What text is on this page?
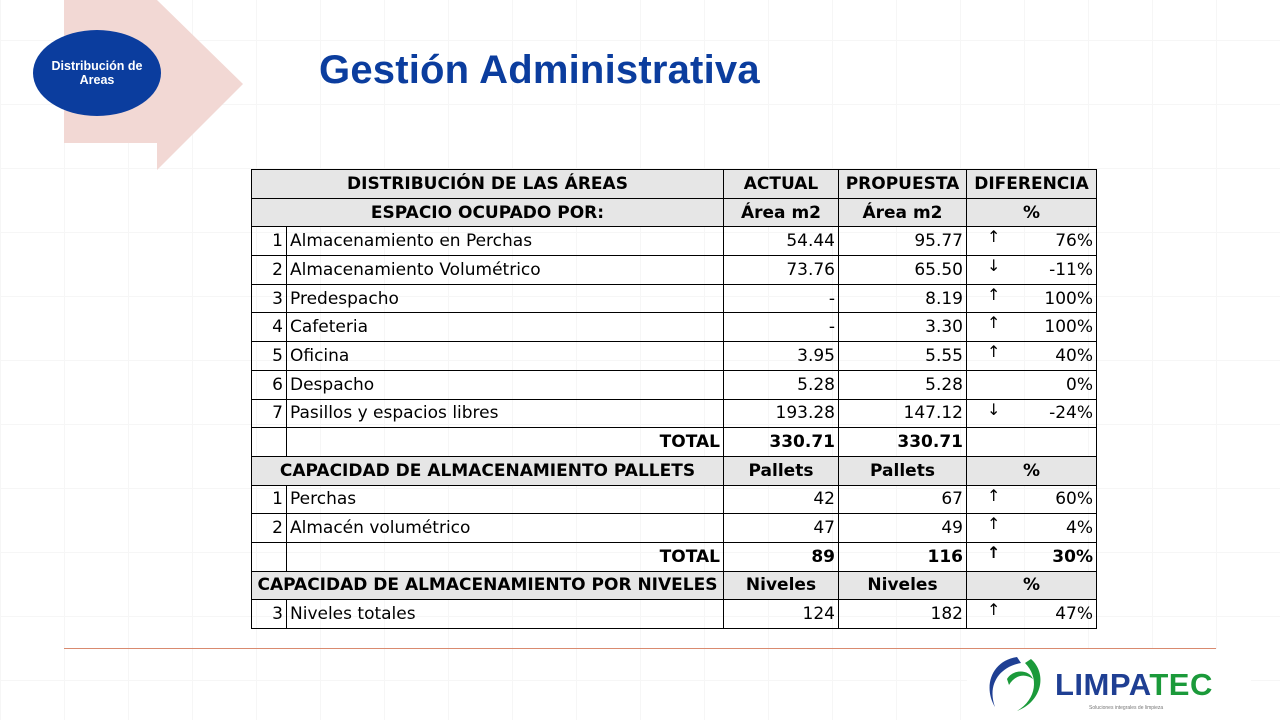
Distribución de Areas	Gestión Administrativa
DISTRIBUCIÓN DE LAS ÁREAS		ACTUAL	PROPUESTA	DIFERENCIA
ESPACIO OCUPADO POR:		Área m2	Área m2	%
1	Almacenamiento en Perchas	54.44	95.77	↑ 76%
2	Almacenamiento Volumétrico	73.76	65.50	↓ -11%
3	Predespacho	-	8.19	↑ 100%
4	Cafeteria	-	3.30	↑ 100%
5	Oficina	3.95	5.55	↑ 40%
6	Despacho	5.28	5.28	0%
7	Pasillos y espacios libres	193.28	147.12	↓ -24%
	TOTAL	330.71	330.71	
CAPACIDAD DE ALMACENAMIENTO PALLETS		Pallets	Pallets	%
1	Perchas	42	67	↑ 60%
2	Almacén volumétrico	47	49	↑ 4%
	TOTAL	89	116	↑ 30%
CAPACIDAD DE ALMACENAMIENTO POR NIVELES		Niveles	Niveles	%
3	Niveles totales	124	182	↑ 47%
LIMPATEC
Soluciones integrales de limpieza
